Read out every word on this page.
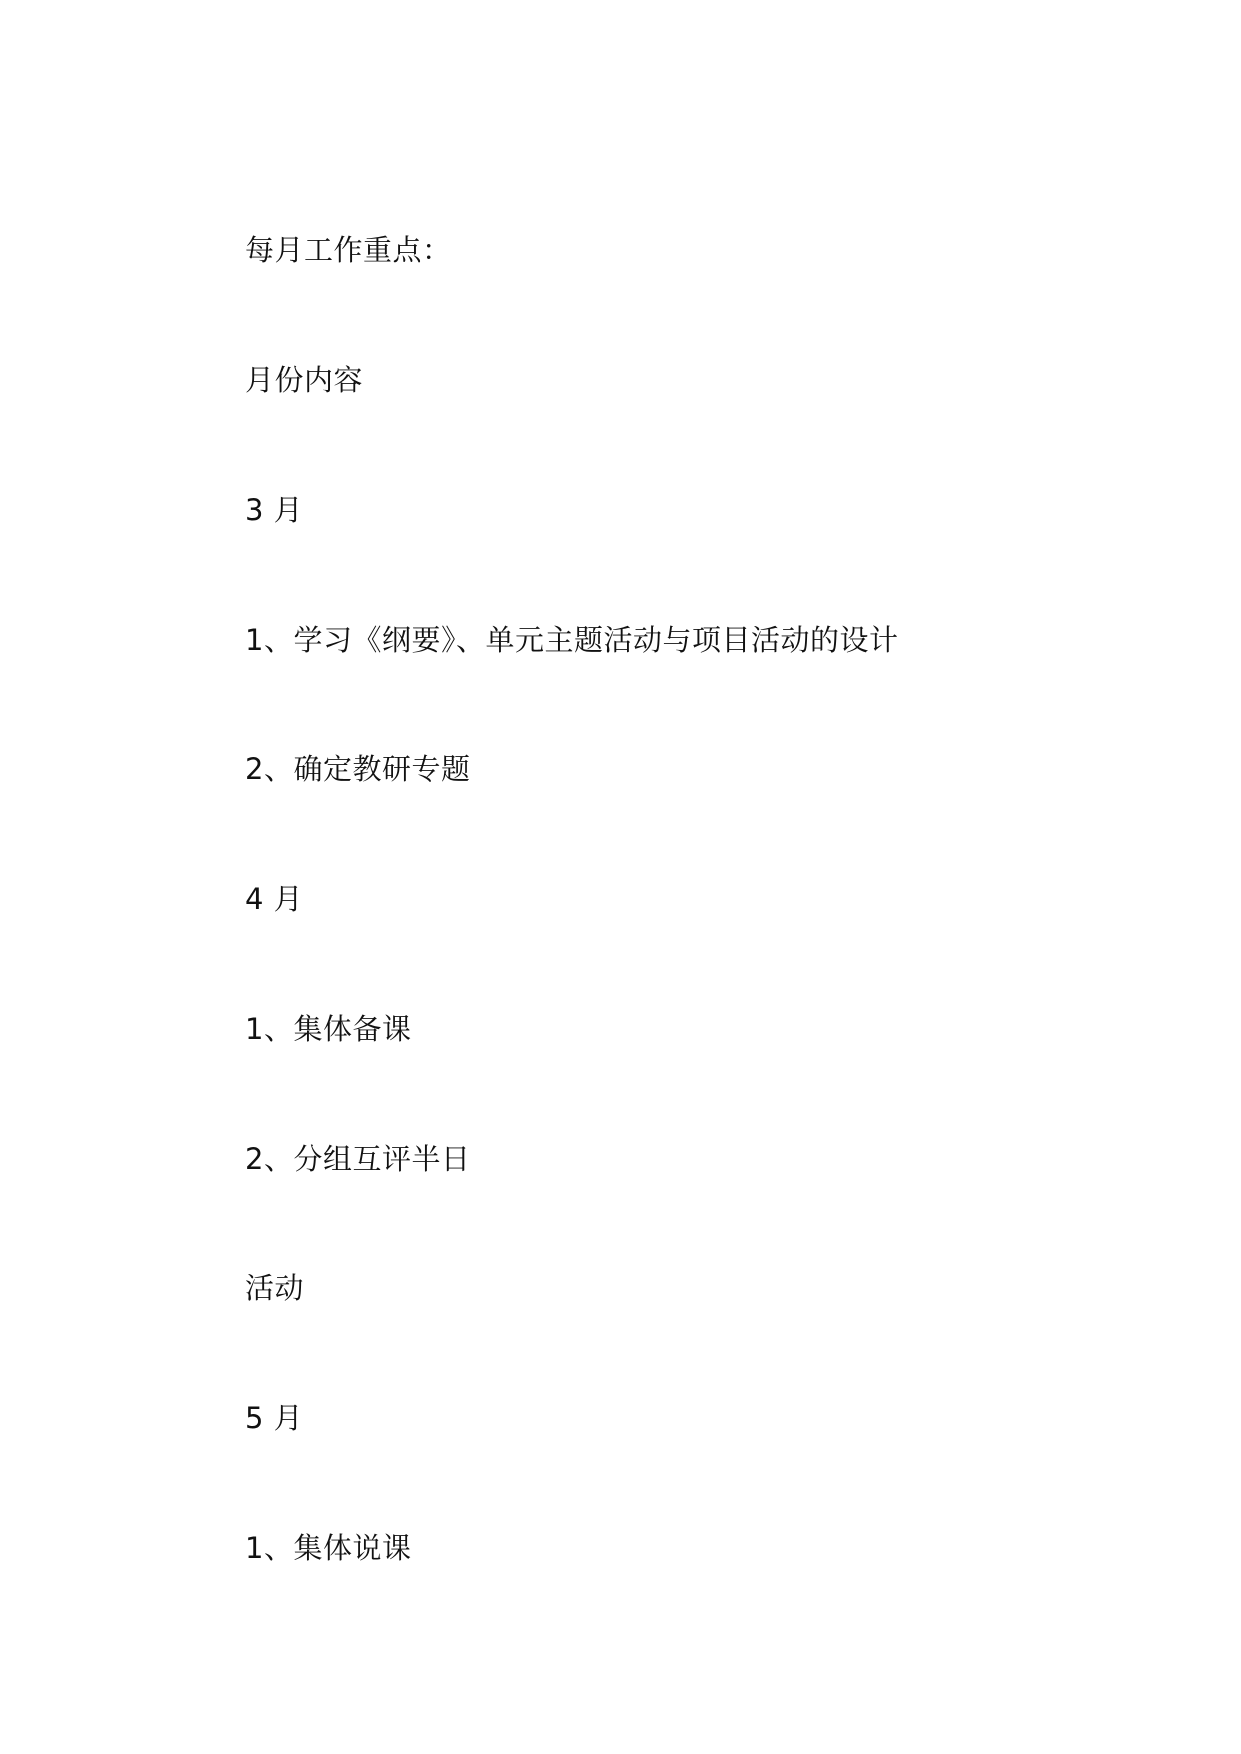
每月工作重点：
月份内容
3 月
1、学习《纲要》、单元主题活动与项目活动的设计
2、确定教研专题
4 月
1、集体备课
2、分组互评半日
活动
5 月
1、集体说课
